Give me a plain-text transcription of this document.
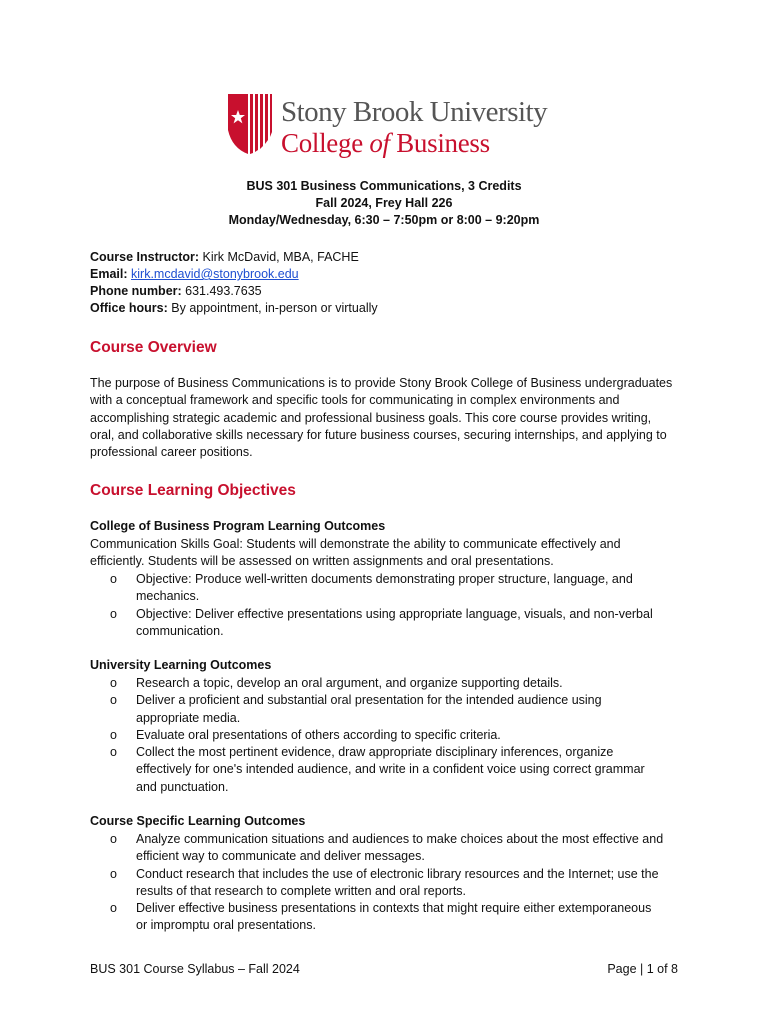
Stony Brook University
College of Business
BUS 301 Business Communications, 3 Credits
Fall 2024, Frey Hall 226
Monday/Wednesday, 6:30 – 7:50pm or 8:00 – 9:20pm
Course Instructor: Kirk McDavid, MBA, FACHE
Email: kirk.mcdavid@stonybrook.edu
Phone number: 631.493.7635
Office hours: By appointment, in-person or virtually
Course Overview
The purpose of Business Communications is to provide Stony Brook College of Business undergraduates
with a conceptual framework and specific tools for communicating in complex environments and
accomplishing strategic academic and professional business goals. This core course provides writing,
oral, and collaborative skills necessary for future business courses, securing internships, and applying to
professional career positions.
Course Learning Objectives
College of Business Program Learning Outcomes
Communication Skills Goal: Students will demonstrate the ability to communicate effectively and
efficiently. Students will be assessed on written assignments and oral presentations.
o Objective: Produce well-written documents demonstrating proper structure, language, and
mechanics.
o Objective: Deliver effective presentations using appropriate language, visuals, and non-verbal
communication.
University Learning Outcomes
o Research a topic, develop an oral argument, and organize supporting details.
o Deliver a proficient and substantial oral presentation for the intended audience using
appropriate media.
o Evaluate oral presentations of others according to specific criteria.
o Collect the most pertinent evidence, draw appropriate disciplinary inferences, organize
effectively for one's intended audience, and write in a confident voice using correct grammar
and punctuation.
Course Specific Learning Outcomes
o Analyze communication situations and audiences to make choices about the most effective and
efficient way to communicate and deliver messages.
o Conduct research that includes the use of electronic library resources and the Internet; use the
results of that research to complete written and oral reports.
o Deliver effective business presentations in contexts that might require either extemporaneous
or impromptu oral presentations.
BUS 301 Course Syllabus – Fall 2024	Page | 1 of 8
